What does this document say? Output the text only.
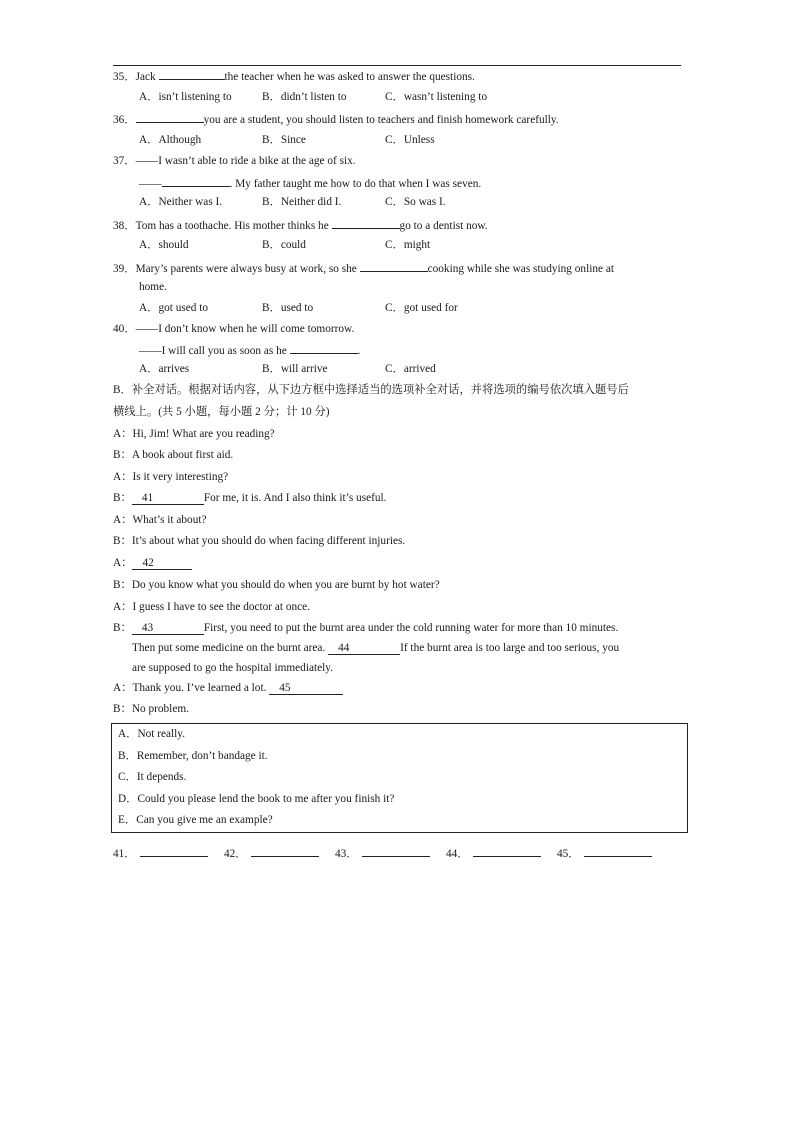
35．Jack	the teacher when he was asked to answer the questions.
A．isn’t listening to	B．didn’t listen to	C．wasn’t listening to
36．	you are a student, you should listen to teachers and finish homework carefully.
A．Although	B．Since	C．Unless
37．——I wasn’t able to ride a bike at the age of six.
——	. My father taught me how to do that when I was seven.
A．Neither was I.	B．Neither did I.	C．So was I.
38．Tom has a toothache. His mother thinks he	go to a dentist now.
A．should	B．could	C．might
39．Mary’s parents were always busy at work, so she	cooking while she was studying online at
home.
A．got used to	B．used to	C．got used for
40．——I don’t know when he will come tomorrow.
——I will call you as soon as he	.
A．arrives	B．will arrive	C．arrived
B．补全对话。根据对话内容，从下边方框中选择适当的选项补全对话，并将选项的编号依次填入题号后
横线上。(共 5 小题，每小题 2 分；计 10 分)
A：Hi, Jim! What are you reading?
B：A book about first aid.
A：Is it very interesting?
B： 41	For me, it is. And I also think it’s useful.
A：What’s it about?
B：It’s about what you should do when facing different injuries.
A： 42
B：Do you know what you should do when you are burnt by hot water?
A：I guess I have to see the doctor at once.
B： 43	First, you need to put the burnt area under the cold running water for more than 10 minutes.
Then put some medicine on the burnt area. 44	If the burnt area is too large and too serious, you
are supposed to go the hospital immediately.
A：Thank you. I’ve learned a lot. 45
B：No problem.
A．Not really.
B．Remember, don’t bandage it.
C．It depends.
D．Could you please lend the book to me after you finish it?
E．Can you give me an example?
41．	42．	43．	44．	45．
